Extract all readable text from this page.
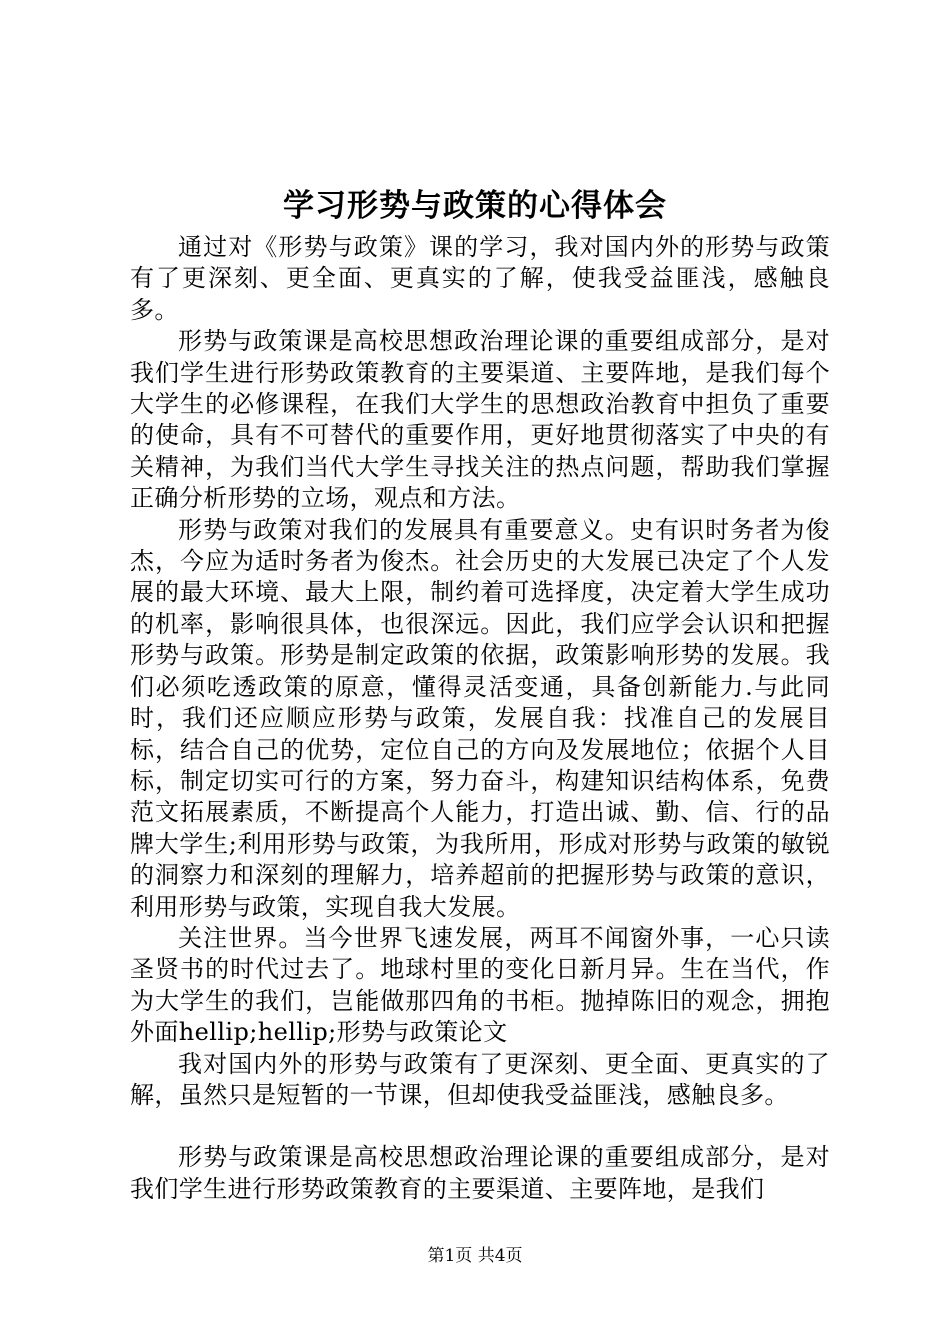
学习形势与政策的心得体会

通过对《形势与政策》课的学习，我对国内外的形势与政策有了更深刻、更全面、更真实的了解，使我受益匪浅，感触良多。

形势与政策课是高校思想政治理论课的重要组成部分，是对我们学生进行形势政策教育的主要渠道、主要阵地，是我们每个大学生的必修课程，在我们大学生的思想政治教育中担负了重要的使命，具有不可替代的重要作用，更好地贯彻落实了中央的有关精神，为我们当代大学生寻找关注的热点问题，帮助我们掌握正确分析形势的立场，观点和方法。

形势与政策对我们的发展具有重要意义。史有识时务者为俊杰，今应为适时务者为俊杰。社会历史的大发展已决定了个人发展的最大环境、最大上限，制约着可选择度，决定着大学生成功的机率，影响很具体，也很深远。因此，我们应学会认识和把握形势与政策。形势是制定政策的依据，政策影响形势的发展。我们必须吃透政策的原意，懂得灵活变通，具备创新能力.与此同时，我们还应顺应形势与政策，发展自我：找准自己的发展目标，结合自己的优势，定位自己的方向及发展地位；依据个人目标，制定切实可行的方案，努力奋斗，构建知识结构体系，免费范文拓展素质，不断提高个人能力，打造出诚、勤、信、行的品牌大学生;利用形势与政策，为我所用，形成对形势与政策的敏锐的洞察力和深刻的理解力，培养超前的把握形势与政策的意识，利用形势与政策，实现自我大发展。

关注世界。当今世界飞速发展，两耳不闻窗外事，一心只读圣贤书的时代过去了。地球村里的变化日新月异。生在当代，作为大学生的我们，岂能做那四角的书柜。抛掉陈旧的观念，拥抱外面hellip;hellip;形势与政策论文

我对国内外的形势与政策有了更深刻、更全面、更真实的了解，虽然只是短暂的一节课，但却使我受益匪浅，感触良多。

形势与政策课是高校思想政治理论课的重要组成部分，是对我们学生进行形势政策教育的主要渠道、主要阵地，是我们

第1页 共4页
